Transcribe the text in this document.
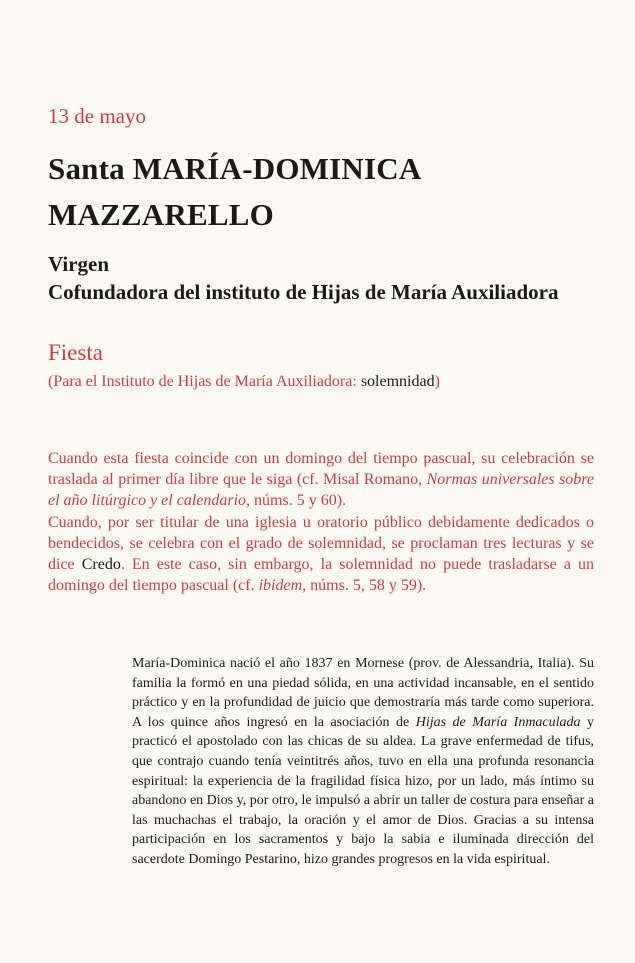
13 de mayo
Santa MARÍA-DOMINICA
MAZZARELLO
Virgen
Cofundadora del instituto de Hijas de María Auxiliadora
Fiesta
(Para el Instituto de Hijas de María Auxiliadora: solemnidad)

Cuando esta fiesta coincide con un domingo del tiempo pascual, su celebración se traslada al primer día libre que le siga (cf. Misal Romano, Normas universales sobre el año litúrgico y el calendario, núms. 5 y 60).

Cuando, por ser titular de una iglesia u oratorio público debidamente dedicados o bendecidos, se celebra con el grado de solemnidad, se proclaman tres lecturas y se dice Credo. En este caso, sin embargo, la solemnidad no puede trasladarse a un domingo del tiempo pascual (cf. ibidem, núms. 5, 58 y 59).

María-Dominica nació el año 1837 en Mornese (prov. de Alessandria, Italia). Su familia la formó en una piedad sólida, en una actividad incansable, en el sentido práctico y en la profundidad de juicio que demostraría más tarde como superiora. A los quince años ingresó en la asociación de Hijas de María Inmaculada y practicó el apostolado con las chicas de su aldea. La grave enfermedad de tifus, que contrajo cuando tenía veintitrés años, tuvo en ella una profunda resonancia espiritual: la experiencia de la fragilidad física hizo, por un lado, más íntimo su abandono en Dios y, por otro, le impulsó a abrir un taller de costura para enseñar a las muchachas el trabajo, la oración y el amor de Dios. Gracias a su intensa participación en los sacramentos y bajo la sabia e iluminada dirección del sacerdote Domingo Pestarino, hizo grandes progresos en la vida espiritual.
